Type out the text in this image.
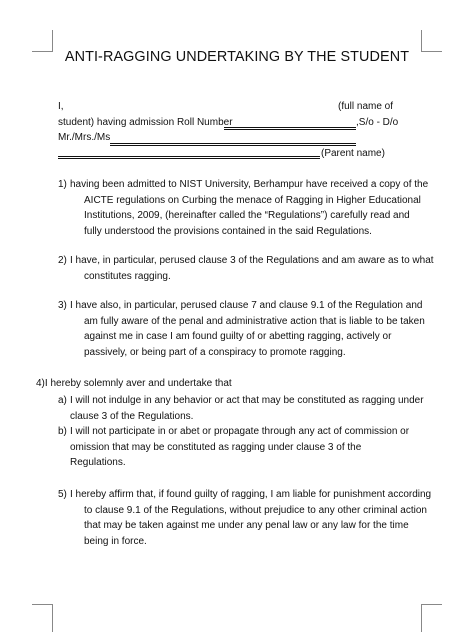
ANTI-RAGGING UNDERTAKING BY THE STUDENT
I,	(full name of
student) having admission Roll Number	,S/o - D/o
Mr./Mrs./Ms
(Parent name)
1) having been admitted to NIST University, Berhampur have received a copy of the
AICTE regulations on Curbing the menace of Ragging in Higher Educational
Institutions, 2009, (hereinafter called the “Regulations”) carefully read and
fully understood the provisions contained in the said Regulations.
2) I have, in particular, perused clause 3 of the Regulations and am aware as to what
constitutes ragging.
3) I have also, in particular, perused clause 7 and clause 9.1 of the Regulation and
am fully aware of the penal and administrative action that is liable to be taken
against me in case I am found guilty of or abetting ragging, actively or
passively, or being part of a conspiracy to promote ragging.
4)I hereby solemnly aver and undertake that
a) I will not indulge in any behavior or act that may be constituted as ragging under
clause 3 of the Regulations.
b) I will not participate in or abet or propagate through any act of commission or
omission that may be constituted as ragging under clause 3 of the
Regulations.
5) I hereby affirm that, if found guilty of ragging, I am liable for punishment according
to clause 9.1 of the Regulations, without prejudice to any other criminal action
that may be taken against me under any penal law or any law for the time
being in force.
